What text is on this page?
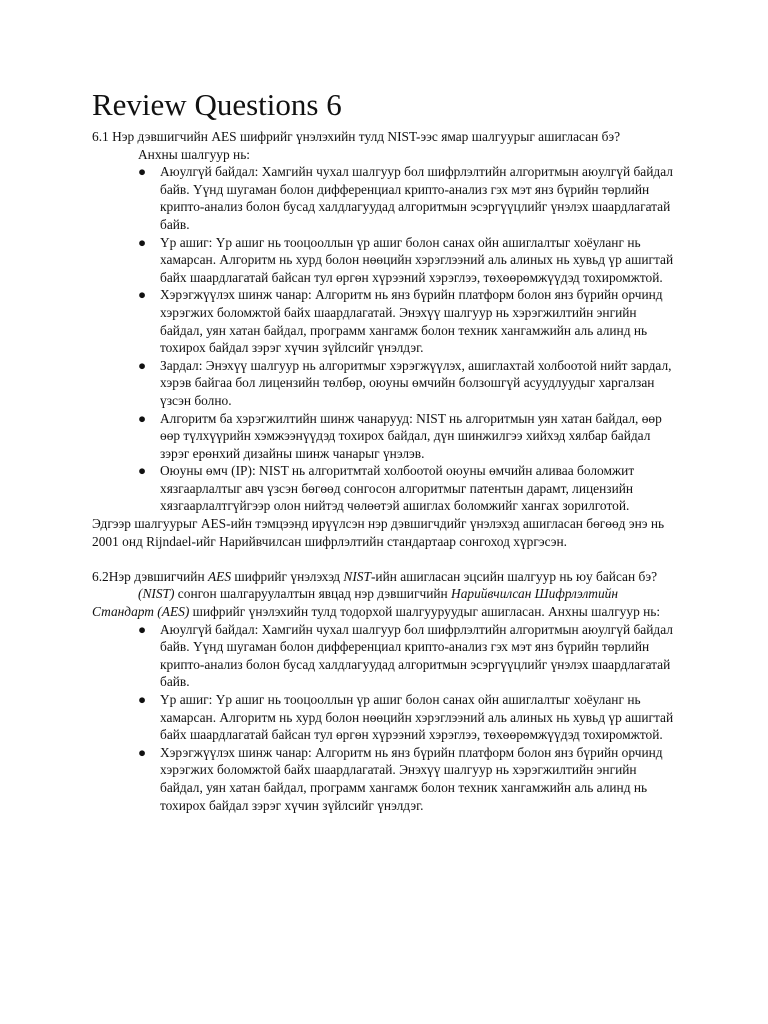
Review Questions 6

6.1 Нэр дэвшигчийн AES шифрийг үнэлэхийн тулд NIST-ээс ямар шалгуурыг ашигласан бэ?

Анхны шалгуур нь:

● Аюулгүй байдал: Хамгийн чухал шалгуур бол шифрлэлтийн алгоритмын аюулгүй байдал байв. Үүнд шугаман болон дифференциал крипто-анализ гэх мэт янз бүрийн төрлийн крипто-анализ болон бусад халдлагуудад алгоритмын эсэргүүцлийг үнэлэх шаардлагатай байв.
● Үр ашиг: Үр ашиг нь тооцооллын үр ашиг болон санах ойн ашиглалтыг хоёуланг нь хамарсан. Алгоритм нь хурд болон нөөцийн хэрэглээний аль алиных нь хувьд үр ашигтай байх шаардлагатай байсан тул өргөн хүрээний хэрэглээ, төхөөрөмжүүдэд тохиромжтой.
● Хэрэгжүүлэх шинж чанар: Алгоритм нь янз бүрийн платформ болон янз бүрийн орчинд хэрэгжих боломжтой байх шаардлагатай. Энэхүү шалгуур нь хэрэгжилтийн энгийн байдал, уян хатан байдал, программ хангамж болон техник хангамжийн аль алинд нь тохирох байдал зэрэг хүчин зүйлсийг үнэлдэг.
● Зардал: Энэхүү шалгуур нь алгоритмыг хэрэгжүүлэх, ашиглахтай холбоотой нийт зардал, хэрэв байгаа бол лицензийн төлбөр, оюуны өмчийн болзошгүй асуудлуудыг харгалзан үзсэн болно.
● Алгоритм ба хэрэгжилтийн шинж чанарууд: NIST нь алгоритмын уян хатан байдал, өөр өөр түлхүүрийн хэмжээнүүдэд тохирох байдал, дүн шинжилгээ хийхэд хялбар байдал зэрэг ерөнхий дизайны шинж чанарыг үнэлэв.
● Оюуны өмч (IP): NIST нь алгоритмтай холбоотой оюуны өмчийн аливаа боломжит хязгаарлалтыг авч үзсэн бөгөөд сонгосон алгоритмыг патентын дарамт, лицензийн хязгаарлалтгүйгээр олон нийтэд чөлөөтэй ашиглах боломжийг хангах зорилготой.

Эдгээр шалгуурыг AES-ийн тэмцээнд ирүүлсэн нэр дэвшигчдийг үнэлэхэд ашигласан бөгөөд энэ нь 2001 онд Rijndael-ийг Нарийвчилсан шифрлэлтийн стандартаар сонгоход хүргэсэн.

6.2Нэр дэвшигчийн AES шифрийг үнэлэхэд NIST-ийн ашигласан эцсийн шалгуур нь юу байсан бэ?

(NIST) сонгон шалгаруулалтын явцад нэр дэвшигчийн Нарийвчилсан Шифрлэлтийн Стандарт (AES) шифрийг үнэлэхийн тулд тодорхой шалгууруудыг ашигласан. Анхны шалгуур нь:

● Аюулгүй байдал: Хамгийн чухал шалгуур бол шифрлэлтийн алгоритмын аюулгүй байдал байв. Үүнд шугаман болон дифференциал крипто-анализ гэх мэт янз бүрийн төрлийн крипто-анализ болон бусад халдлагуудад алгоритмын эсэргүүцлийг үнэлэх шаардлагатай байв.
● Үр ашиг: Үр ашиг нь тооцооллын үр ашиг болон санах ойн ашиглалтыг хоёуланг нь хамарсан. Алгоритм нь хурд болон нөөцийн хэрэглээний аль алиных нь хувьд үр ашигтай байх шаардлагатай байсан тул өргөн хүрээний хэрэглээ, төхөөрөмжүүдэд тохиромжтой.
● Хэрэгжүүлэх шинж чанар: Алгоритм нь янз бүрийн платформ болон янз бүрийн орчинд хэрэгжих боломжтой байх шаардлагатай. Энэхүү шалгуур нь хэрэгжилтийн энгийн байдал, уян хатан байдал, программ хангамж болон техник хангамжийн аль алинд нь тохирох байдал зэрэг хүчин зүйлсийг үнэлдэг.
